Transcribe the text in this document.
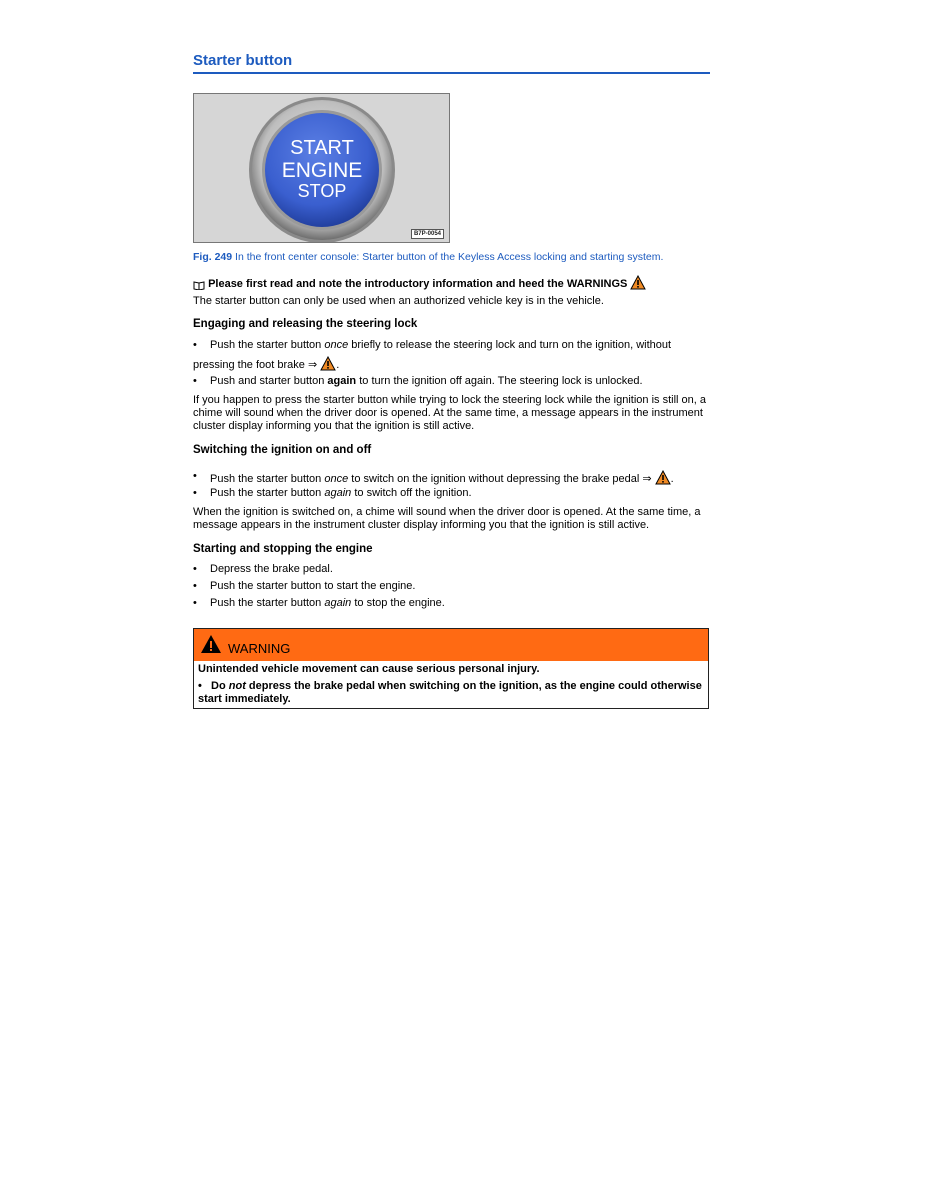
Starter button
START
ENGINE
STOP
B7P-0054
Fig. 249 In the front center console: Starter button of the Keyless Access locking and starting system.
Please first read and note the introductory information and heed the WARNINGS
The starter button can only be used when an authorized vehicle key is in the vehicle.
Engaging and releasing the steering lock
• Push the starter button once briefly to release the steering lock and turn on the ignition, without
pressing the foot brake ⇒ .
• Push and starter button again to turn the ignition off again. The steering lock is unlocked.
If you happen to press the starter button while trying to lock the steering lock while the ignition is still on, a chime will sound when the driver door is opened. At the same time, a message appears in the instrument cluster display informing you that the ignition is still active.
Switching the ignition on and off
• Push the starter button once to switch on the ignition without depressing the brake pedal ⇒ .
• Push the starter button again to switch off the ignition.
When the ignition is switched on, a chime will sound when the driver door is opened. At the same time, a message appears in the instrument cluster display informing you that the ignition is still active.
Starting and stopping the engine
• Depress the brake pedal.
• Push the starter button to start the engine.
• Push the starter button again to stop the engine.
WARNING
Unintended vehicle movement can cause serious personal injury.
•   Do not depress the brake pedal when switching on the ignition, as the engine could otherwise start immediately.
